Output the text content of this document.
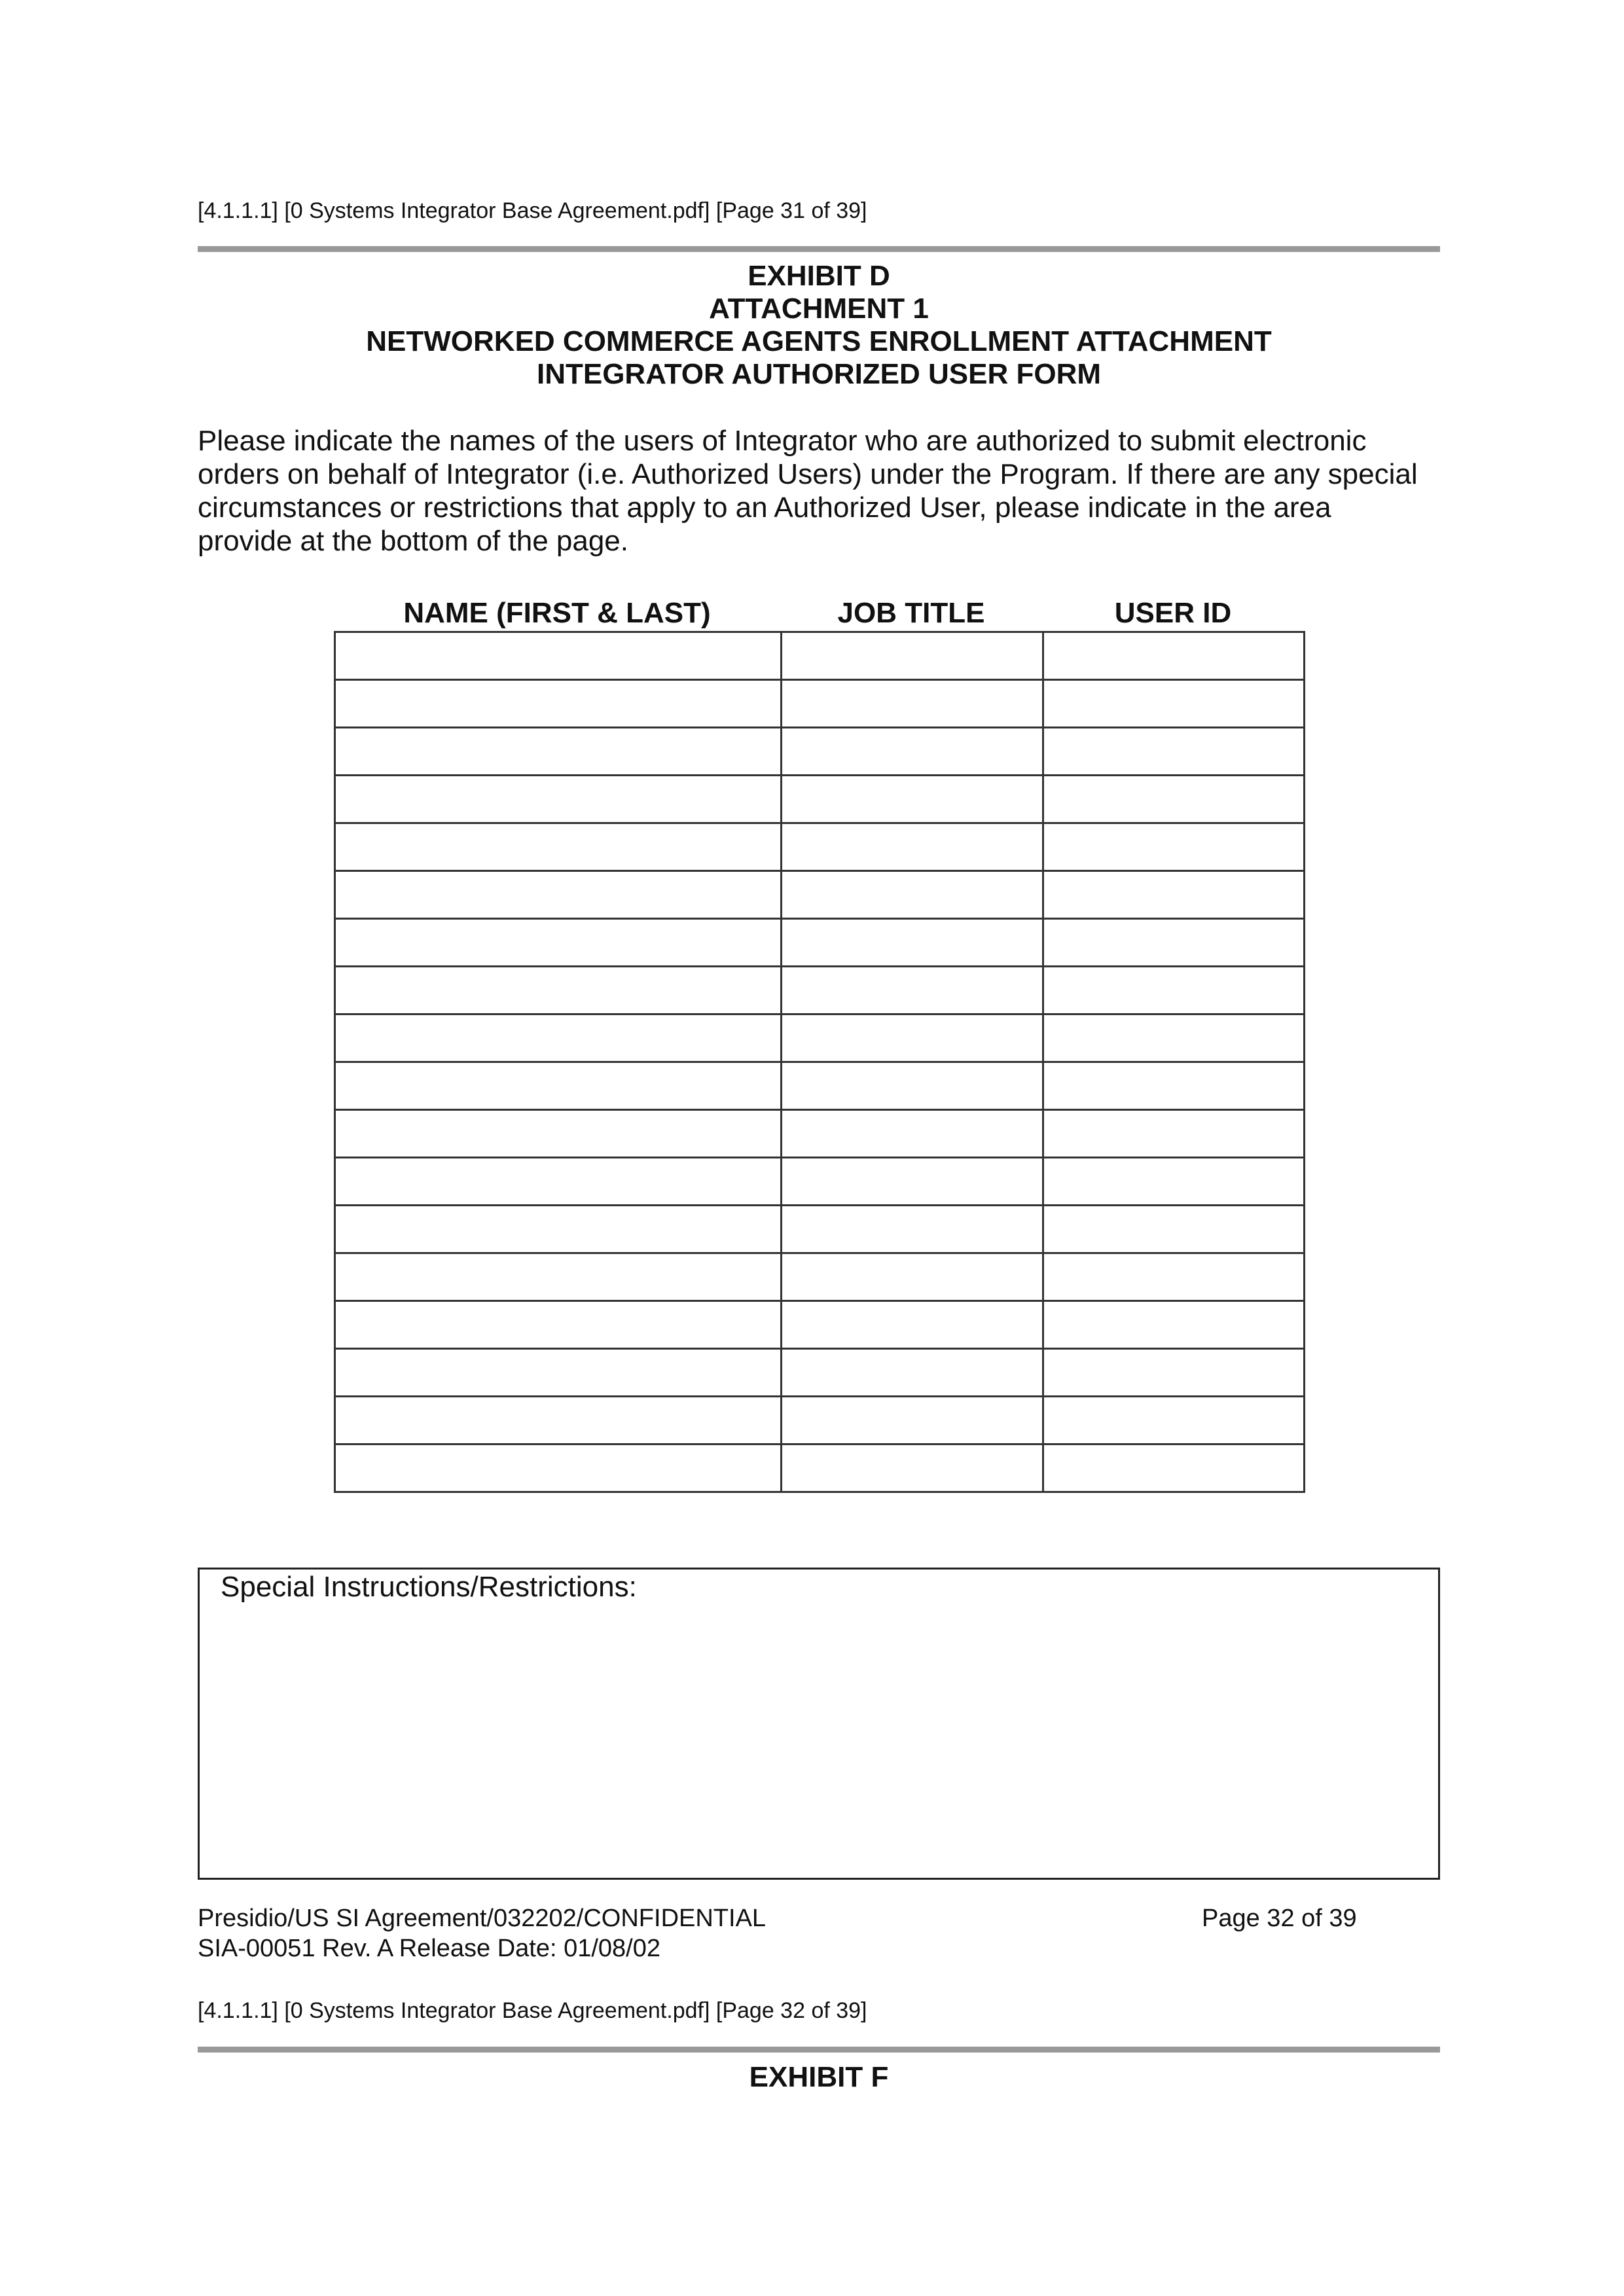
[4.1.1.1] [0 Systems Integrator Base Agreement.pdf] [Page 31 of 39]
EXHIBIT D
ATTACHMENT 1
NETWORKED COMMERCE AGENTS ENROLLMENT ATTACHMENT
INTEGRATOR AUTHORIZED USER FORM
Please indicate the names of the users of Integrator who are authorized to submit electronic
orders on behalf of Integrator (i.e. Authorized Users) under the Program. If there are any special
circumstances or restrictions that apply to an Authorized User, please indicate in the area
provide at the bottom of the page.
NAME (FIRST & LAST)	JOB TITLE	USER ID

Special Instructions/Restrictions:
Presidio/US SI Agreement/032202/CONFIDENTIAL
SIA-00051 Rev. A Release Date: 01/08/02
Page 32 of 39
[4.1.1.1] [0 Systems Integrator Base Agreement.pdf] [Page 32 of 39]
EXHIBIT F
